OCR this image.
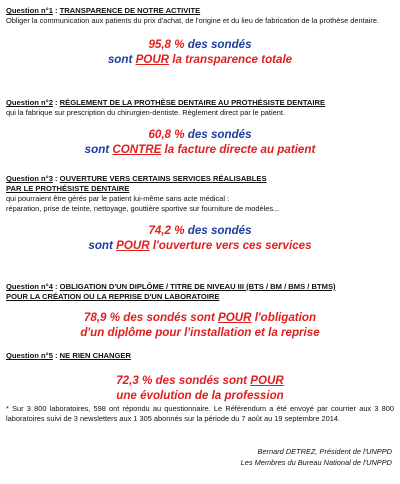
Question n°1 : TRANSPARENCE DE NOTRE ACTIVITE
Obliger la communication aux patients du prix d'achat, de l'origine et du lieu de fabrication de la prothèse dentaire.
95,8 % des sondés
sont POUR la transparence totale
Question n°2 : RÈGLEMENT DE LA PROTHÈSE DENTAIRE AU PROTHÉSISTE DENTAIRE
qui la fabrique sur prescription du chirurgien-dentiste. Règlement direct par le patient.
60,8 % des sondés
sont CONTRE la facture directe au patient
Question n°3 : OUVERTURE VERS CERTAINS SERVICES RÉALISABLES
PAR LE PROTHÉSISTE DENTAIRE
qui pourraient être gérés par le patient lui-même sans acte médical :
réparation, prise de teinte, nettoyage, gouttière sportive sur fourniture de modèles...
74,2 % des sondés
sont POUR l'ouverture vers ces services
Question n°4 : OBLIGATION D'UN DIPLÔME / TITRE DE NIVEAU III (BTS / BM / BMS / BTMS)
POUR LA CRÉATION OU LA REPRISE D'UN LABORATOIRE
78,9 % des sondés sont POUR l'obligation
d'un diplôme pour l'installation et la reprise
Question n°5 : NE RIEN CHANGER
72,3 % des sondés sont POUR
une évolution de la profession
* Sur 3 800 laboratoires, 598 ont répondu au questionnaire. Le Référendum a été envoyé par courrier aux 3 800 laboratoires suivi de 3 newsletters aux 1 305 abonnés sur la période du 7 août au 19 septembre 2014.
Bernard DETREZ, Président de l'UNPPD
Les Membres du Bureau National de l'UNPPD
